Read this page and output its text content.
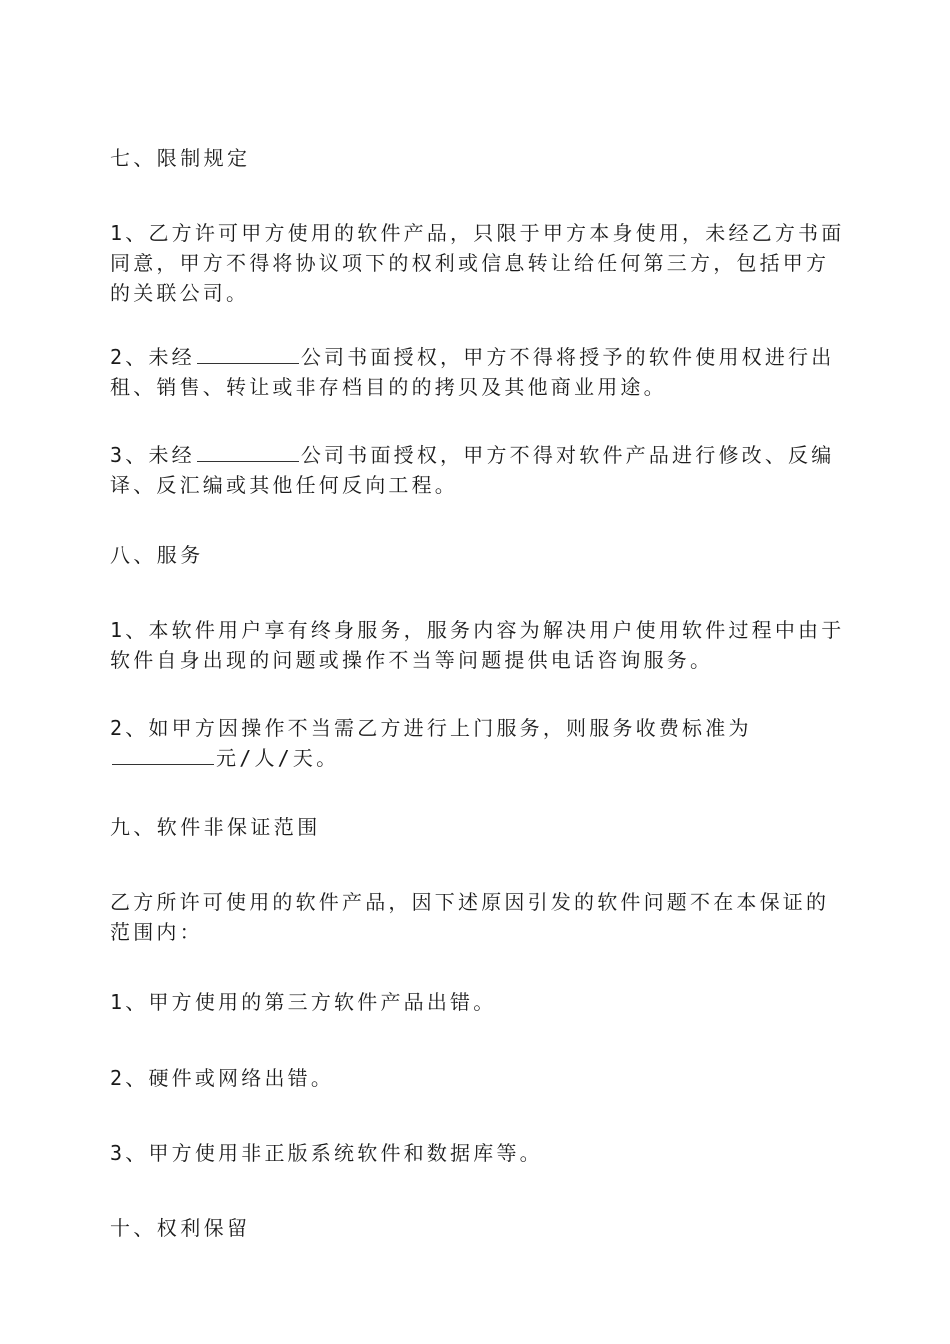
七、限制规定
1、乙方许可甲方使用的软件产品，只限于甲方本身使用，未经乙方书面同意，甲方不得将协议项下的权利或信息转让给任何第三方，包括甲方的关联公司。
2、未经	公司书面授权，甲方不得将授予的软件使用权进行出租、销售、转让或非存档目的的拷贝及其他商业用途。
3、未经	公司书面授权，甲方不得对软件产品进行修改、反编译、反汇编或其他任何反向工程。
八、服务
1、本软件用户享有终身服务，服务内容为解决用户使用软件过程中由于软件自身出现的问题或操作不当等问题提供电话咨询服务。
2、如甲方因操作不当需乙方进行上门服务，则服务收费标准为元/人/天。
九、软件非保证范围
乙方所许可使用的软件产品，因下述原因引发的软件问题不在本保证的范围内：
1、甲方使用的第三方软件产品出错。
2、硬件或网络出错。
3、甲方使用非正版系统软件和数据库等。
十、权利保留
